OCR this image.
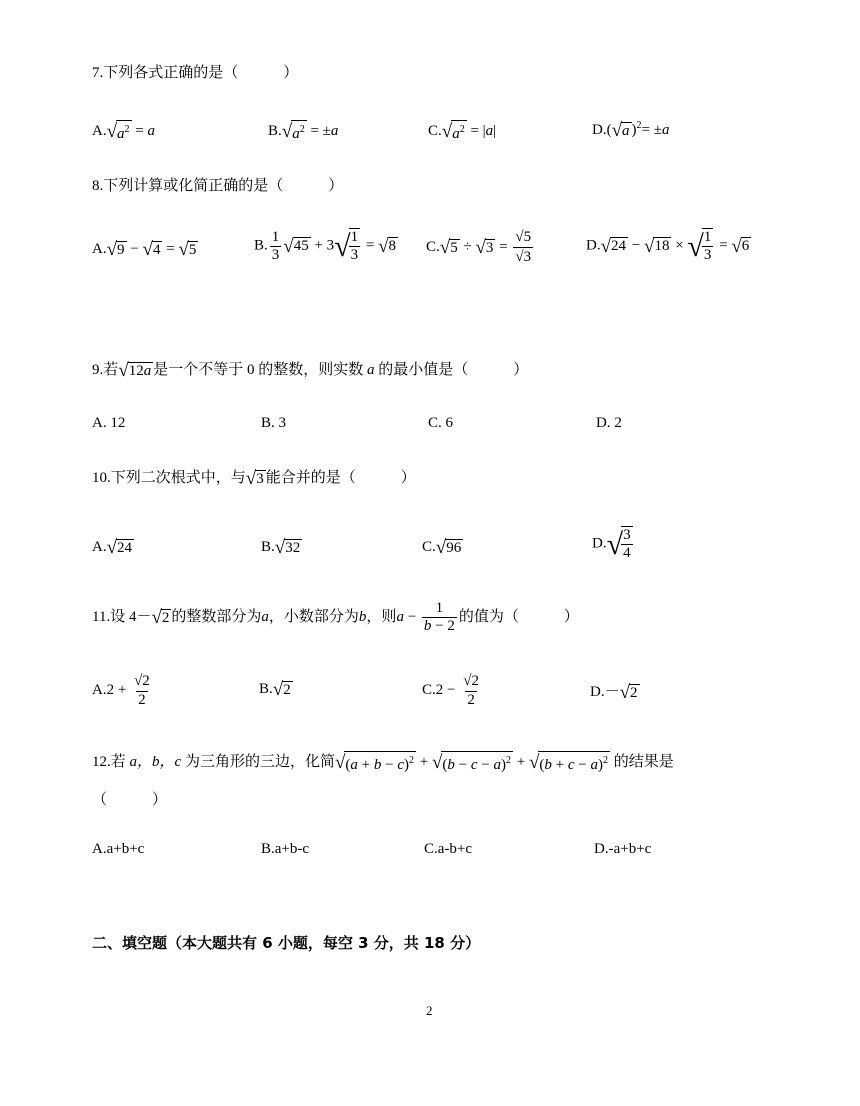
7.下列各式正确的是（　　　）
$A.√a^2 = a$	$B.√a^2 = \pm a$	$C.√a^2 = |a|$	D.(√a )$^2$= ±a
8.下列计算或化简正确的是（　　　）
A.√9 − √4 = √5	B. $\frac{1}{3} √45 + 3√$
$\frac{1}{3} = √8$ $C.√5 \div √3 = \frac{√5}{√3}$	D.√24 − √18 × √
$\frac{1}{3} = √6$
9.若√12a 是一个不等于 0 的整数，则实数 a 的最小值是（　　　）
A. 12	B. 3	C. 6	D. 2
10.下列二次根式中，与√3 能合并的是（　　　）
A.√24	B.√32	C.√96	D.√
$\frac{3}{4}$
11.设 4－√2 的整数部分为a，小数部分为b，则$a - \frac{1}{b - 2}$ 的值为（　　　）
$A.2 + \frac{√2}{2}$	B.√2	$C.2 - \frac{√2}{2}$	D.－√2
12.若 a，b，c 为三角形的三边，化简$√(a + b - c)^2 + √(b - c - a)^2 + √(b + c - a)^2$ 的结果是
（　　　）
A.a+b+c	B.a+b-c	C.a-b+c	D.-a+b+c
二、填空题（本大题共有 6 小题，每空 3 分，共 18 分）
2
